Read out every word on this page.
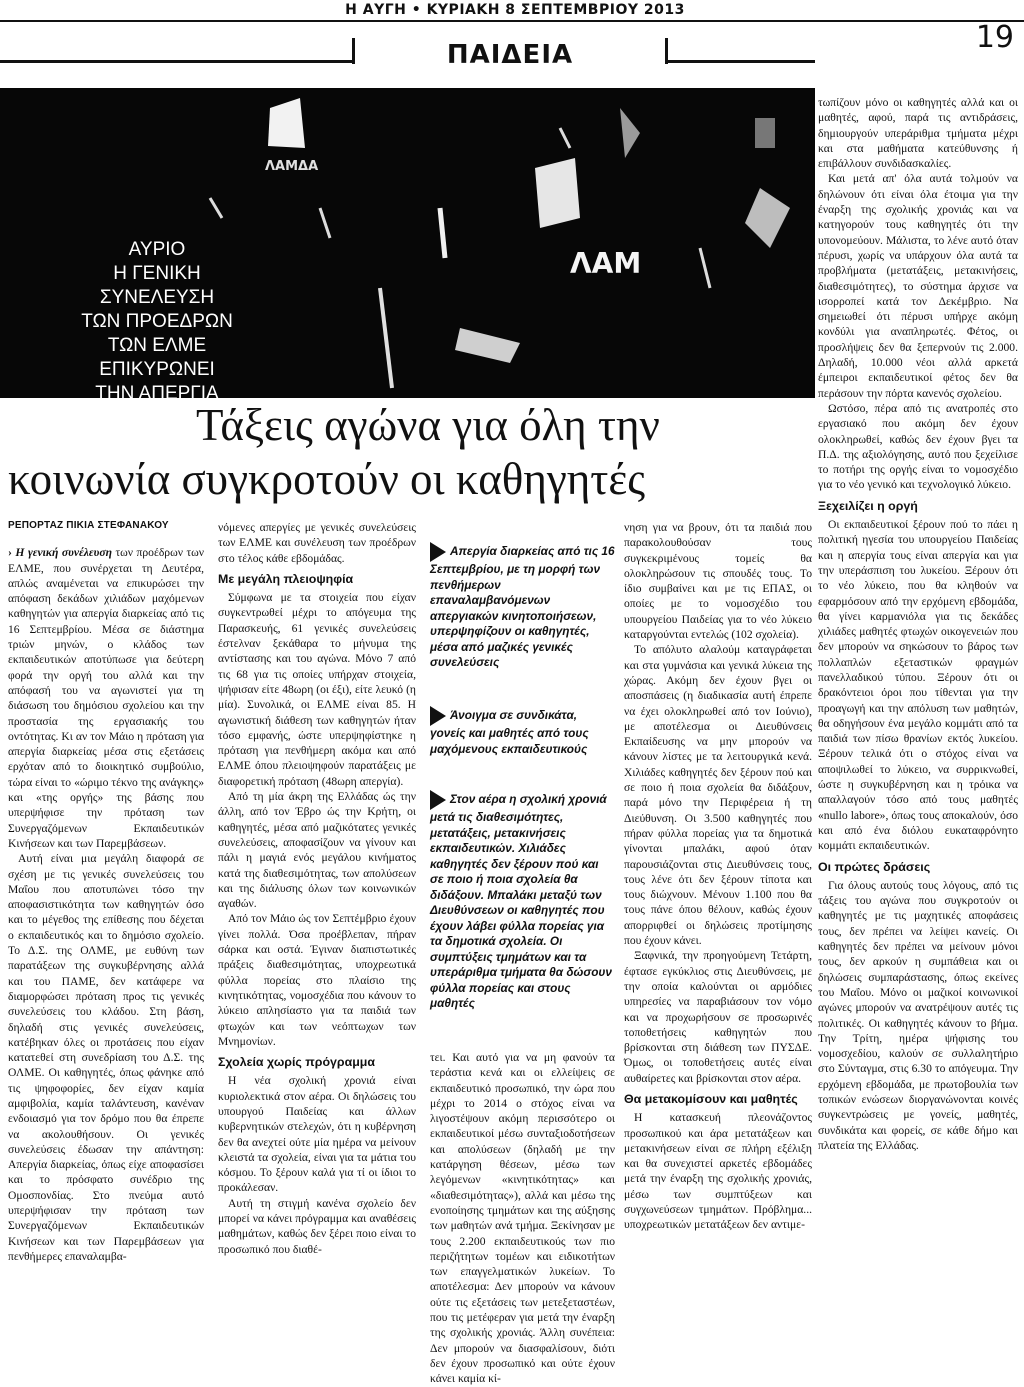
Η ΑΥΓΗ • ΚΥΡΙΑΚΗ 8 ΣΕΠΤΕΜΒΡΙΟΥ 2013
ΠΑΙΔΕΙΑ	19
ΛΑΜ
ΛΑΜΔΑ
ΑΥΡΙΟ
Η ΓΕΝΙΚΗ
ΣΥΝΕΛΕΥΣΗ
ΤΩΝ ΠΡΟΕΔΡΩΝ
ΤΩΝ ΕΛΜΕ
ΕΠΙΚΥΡΩΝΕΙ
ΤΗΝ ΑΠΕΡΓΙΑ
Τάξεις αγώνα για όλη την
κοινωνία συγκροτούν οι καθηγητές
ΡΕΠΟΡΤΑΖ ΠΙΚΙΑ ΣΤΕΦΑΝΑΚΟΥ

› Η γενική συνέλευση των προέδρων των ΕΛΜΕ, που συνέρχεται τη Δευτέρα, απλώς αναμένεται να επικυρώσει την απόφαση δεκάδων χιλιάδων μαχόμενων καθηγητών για απεργία διαρκείας από τις 16 Σεπτεμβρίου. Μέσα σε διάστημα τριών μηνών, ο κλάδος των εκπαιδευτικών αποτύπωσε για δεύτερη φορά την οργή του αλλά και την απόφασή του να αγωνιστεί για τη διάσωση του δημόσιου σχολείου και την προστασία της εργασιακής του οντότητας. Κι αν τον Μάιο η πρόταση για απεργία διαρκείας μέσα στις εξετάσεις ερχόταν από το διοικητικό συμβούλιο, τώρα είναι το «ώριμο τέκνο της ανάγκης» και «της οργής» της βάσης που υπερψήφισε την πρόταση των Συνεργαζόμενων Εκπαιδευτικών Κινήσεων και των Παρεμβάσεων.

Αυτή είναι μια μεγάλη διαφορά σε σχέση με τις γενικές συνελεύσεις του Μαΐου που αποτυπώνει τόσο την αποφασιστικότητα των καθηγητών όσο και το μέγεθος της επίθεσης που δέχεται ο εκπαιδευτικός και το δημόσιο σχολείο. Το Δ.Σ. της ΟΛΜΕ, με ευθύνη των παρατάξεων της συγκυβέρνησης αλλά και του ΠΑΜΕ, δεν κατάφερε να διαμορφώσει πρόταση προς τις γενικές συνελεύσεις του κλάδου. Στη βάση, δηλαδή στις γενικές συνελεύσεις, κατέβηκαν όλες οι προτάσεις που είχαν κατατεθεί στη συνεδρίαση του Δ.Σ. της ΟΛΜΕ. Οι καθηγητές, όπως φάνηκε από τις ψηφοφορίες, δεν είχαν καμία αμφιβολία, καμία ταλάντευση, κανέναν ενδοιασμό για τον δρόμο που θα έπρεπε να ακολουθήσουν. Οι γενικές συνελεύσεις έδωσαν την απάντηση: Απεργία διαρκείας, όπως είχε αποφασίσει και το πρόσφατο συνέδριο της Ομοσπονδίας. Στο πνεύμα αυτό υπερψήφισαν την πρόταση των Συνεργαζόμενων Εκπαιδευτικών Κινήσεων και των Παρεμβάσεων για πενθήμερες επαναλαμβα-

νόμενες απεργίες με γενικές συνελεύσεις των ΕΛΜΕ και συνέλευση των προέδρων στο τέλος κάθε εβδομάδας.

Με μεγάλη πλειοψηφία

Σύμφωνα με τα στοιχεία που είχαν συγκεντρωθεί μέχρι το απόγευμα της Παρασκευής, 61 γενικές συνελεύσεις έστελναν ξεκάθαρα το μήνυμα της αντίστασης και του αγώνα. Μόνο 7 από τις 68 για τις οποίες υπήρχαν στοιχεία, ψήφισαν είτε 48ωρη (οι έξι), είτε λευκό (η μία). Συνολικά, οι ΕΛΜΕ είναι 85. Η αγωνιστική διάθεση των καθηγητών ήταν τόσο εμφανής, ώστε υπερψηφίστηκε η πρόταση για πενθήμερη ακόμα και από ΕΛΜΕ όπου πλειοψηφούν παρατάξεις με διαφορετική πρόταση (48ωρη απεργία).

Από τη μία άκρη της Ελλάδας ώς την άλλη, από τον Έβρο ώς την Κρήτη, οι καθηγητές, μέσα από μαζικότατες γενικές συνελεύσεις, αποφασίζουν να γίνουν και πάλι η μαγιά ενός μεγάλου κινήματος κατά της διαθεσιμότητας, των απολύσεων και της διάλυσης όλων των κοινωνικών αγαθών.

Από τον Μάιο ώς τον Σεπτέμβριο έχουν γίνει πολλά. Όσα προέβλεπαν, πήραν σάρκα και οστά. Έγιναν διαπιστωτικές πράξεις διαθεσιμότητας, υποχρεωτικά φύλλα πορείας στο πλαίσιο της κινητικότητας, νομοσχέδια που κάνουν το λύκειο απλησίαστο για τα παιδιά των φτωχών και των νεόπτωχων των Μνημονίων.

Σχολεία χωρίς πρόγραμμα

Η νέα σχολική χρονιά είναι κυριολεκτικά στον αέρα. Οι δηλώσεις του υπουργού Παιδείας και άλλων κυβερνητικών στελεχών, ότι η κυβέρνηση δεν θα ανεχτεί ούτε μία ημέρα να μείνουν κλειστά τα σχολεία, είναι για τα μάτια του κόσμου. Το ξέρουν καλά για τί οι ίδιοι το προκάλεσαν.

Αυτή τη στιγμή κανένα σχολείο δεν μπορεί να κάνει πρόγραμμα και αναθέσεις μαθημάτων, καθώς δεν ξέρει ποιο είναι το προσωπικό που διαθέ-

Απεργία διαρκείας από τις 16 Σεπτεμβρίου, με τη μορφή των πενθήμερων επαναλαμβανόμενων απεργιακών κινητοποιήσεων, υπερψηφίζουν οι καθηγητές, μέσα από μαζικές γενικές συνελεύσεις
Άνοιγμα σε συνδικάτα, γονείς και μαθητές από τους μαχόμενους εκπαιδευτικούς
Στον αέρα η σχολική χρονιά μετά τις διαθεσιμότητες, μετατάξεις, μετακινήσεις εκπαιδευτικών. Χιλιάδες καθηγητές δεν ξέρουν πού και σε ποιο ή ποια σχολεία θα διδάξουν. Μπαλάκι μεταξύ των Διευθύνσεων οι καθηγητές που έχουν λάβει φύλλα πορείας για τα δημοτικά σχολεία. Οι συμπτύξεις τμημάτων και τα υπεράριθμα τμήματα θα δώσουν φύλλα πορείας και στους μαθητές

τει. Και αυτό για να μη φανούν τα τεράστια κενά και οι ελλείψεις σε εκπαιδευτικό προσωπικό, την ώρα που μέχρι το 2014 ο στόχος είναι να λιγοστέψουν ακόμη περισσότερο οι εκπαιδευτικοί μέσω συνταξιοδοτήσεων και απολύσεων (δηλαδή με την κατάργηση θέσεων, μέσω των λεγόμενων «κινητικότητας» και «διαθεσιμότητας»), αλλά και μέσω της ενοποίησης τμημάτων και της αύξησης των μαθητών ανά τμήμα. Ξεκίνησαν με τους 2.200 εκπαιδευτικούς των πιο περιζήτητων τομέων και ειδικοτήτων των επαγγελματικών λυκείων. Το αποτέλεσμα: Δεν μπορούν να κάνουν ούτε τις εξετάσεις των μετεξεταστέων, που τις μετέφεραν για μετά την έναρξη της σχολικής χρονιάς. Άλλη συνέπεια: Δεν μπορούν να διασφαλίσουν, διότι δεν έχουν προσωπικό και ούτε έχουν κάνει καμία κί-

νηση για να βρουν, ότι τα παιδιά που παρακολουθούσαν τους συγκεκριμένους τομείς θα ολοκληρώσουν τις σπουδές τους. Το ίδιο συμβαίνει και με τις ΕΠΑΣ, οι οποίες με το νομοσχέδιο του υπουργείου Παιδείας για το νέο λύκειο καταργούνται εντελώς (102 σχολεία).

Το απόλυτο αλαλούμ καταγράφεται και στα γυμνάσια και γενικά λύκεια της χώρας. Ακόμη δεν έχουν βγει οι αποσπάσεις (η διαδικασία αυτή έπρεπε να έχει ολοκληρωθεί από τον Ιούνιο), με αποτέλεσμα οι Διευθύνσεις Εκπαίδευσης να μην μπορούν να κάνουν λίστες με τα λειτουργικά κενά. Χιλιάδες καθηγητές δεν ξέρουν πού και σε ποιο ή ποια σχολεία θα διδάξουν, παρά μόνο την Περιφέρεια ή τη Διεύθυνση. Οι 3.500 καθηγητές που πήραν φύλλα πορείας για τα δημοτικά γίνονται μπαλάκι, αφού όταν παρουσιάζονται στις Διευθύνσεις τους, τους λένε ότι δεν ξέρουν τίποτα και τους διώχνουν. Μένουν 1.100 που θα τους πάνε όπου θέλουν, καθώς έχουν απορριφθεί οι δηλώσεις προτίμησης που έχουν κάνει.

Ξαφνικά, την προηγούμενη Τετάρτη, έφτασε εγκύκλιος στις Διευθύνσεις, με την οποία καλούνται οι αρμόδιες υπηρεσίες να παραβιάσουν τον νόμο και να προχωρήσουν σε προσωρινές τοποθετήσεις καθηγητών που βρίσκονται στη διάθεση των ΠΥΣΔΕ. Όμως, οι τοποθετήσεις αυτές είναι αυθαίρετες και βρίσκονται στον αέρα.

Θα μετακομίσουν και μαθητές

Η κατασκευή πλεονάζοντος προσωπικού και άρα μετατάξεων και μετακινήσεων είναι σε πλήρη εξέλιξη και θα συνεχιστεί αρκετές εβδομάδες μετά την έναρξη της σχολικής χρονιάς, μέσω των συμπτύξεων και συγχωνεύσεων τμημάτων. Πρόβλημα... υποχρεωτικών μετατάξεων δεν αντιμε-

τωπίζουν μόνο οι καθηγητές αλλά και οι μαθητές, αφού, παρά τις αντιδράσεις, δημιουργούν υπεράριθμα τμήματα μέχρι και στα μαθήματα κατεύθυνσης ή επιβάλλουν συνδιδασκαλίες.

Και μετά απ' όλα αυτά τολμούν να δηλώνουν ότι είναι όλα έτοιμα για την έναρξη της σχολικής χρονιάς και να κατηγορούν τους καθηγητές ότι την υπονομεύουν. Μάλιστα, το λένε αυτό όταν πέρυσι, χωρίς να υπάρχουν όλα αυτά τα προβλήματα (μετατάξεις, μετακινήσεις, διαθεσιμότητες), το σύστημα άρχισε να ισορροπεί κατά τον Δεκέμβριο. Να σημειωθεί ότι πέρυσι υπήρχε ακόμη κονδύλι για αναπληρωτές. Φέτος, οι προσλήψεις δεν θα ξεπερνούν τις 2.000. Δηλαδή, 10.000 νέοι αλλά αρκετά έμπειροι εκπαιδευτικοί φέτος δεν θα περάσουν την πόρτα κανενός σχολείου.

Ωστόσο, πέρα από τις ανατροπές στο εργασιακό που ακόμη δεν έχουν ολοκληρωθεί, καθώς δεν έχουν βγει τα Π.Δ. της αξιολόγησης, αυτό που ξεχείλισε το ποτήρι της οργής είναι το νομοσχέδιο για το νέο γενικό και τεχνολογικό λύκειο.

Ξεχειλίζει η οργή

Οι εκπαιδευτικοί ξέρουν πού το πάει η πολιτική ηγεσία του υπουργείου Παιδείας και η απεργία τους είναι απεργία και για την υπεράσπιση του λυκείου. Ξέρουν ότι το νέο λύκειο, που θα κληθούν να εφαρμόσουν από την ερχόμενη εβδομάδα, θα γίνει καρμανιόλα για τις δεκάδες χιλιάδες μαθητές φτωχών οικογενειών που δεν μπορούν να σηκώσουν το βάρος των πολλαπλών εξεταστικών φραγμών πανελλαδικού τύπου. Ξέρουν ότι οι δρακόντειοι όροι που τίθενται για την προαγωγή και την απόλυση των μαθητών, θα οδηγήσουν ένα μεγάλο κομμάτι από τα παιδιά των πίσω θρανίων εκτός λυκείου. Ξέρουν τελικά ότι ο στόχος είναι να αποψιλωθεί το λύκειο, να συρρικνωθεί, ώστε η συγκυβέρνηση και η τρόικα να απαλλαγούν τόσο από τους μαθητές «nullo labore», όπως τους αποκαλούν, όσο και από ένα διόλου ευκαταφρόνητο κομμάτι εκπαιδευτικών.

Οι πρώτες δράσεις

Για όλους αυτούς τους λόγους, από τις τάξεις του αγώνα που συγκροτούν οι καθηγητές με τις μαχητικές αποφάσεις τους, δεν πρέπει να λείψει κανείς. Οι καθηγητές δεν πρέπει να μείνουν μόνοι τους, δεν αρκούν η συμπάθεια και οι δηλώσεις συμπαράστασης, όπως εκείνες του Μαΐου. Μόνο οι μαζικοί κοινωνικοί αγώνες μπορούν να ανατρέψουν αυτές τις πολιτικές. Οι καθηγητές κάνουν το βήμα. Την Τρίτη, ημέρα ψήφισης του νομοσχεδίου, καλούν σε συλλαλητήριο στο Σύνταγμα, στις 6.30 το απόγευμα. Την ερχόμενη εβδομάδα, με πρωτοβουλία των τοπικών ενώσεων διοργανώνονται κοινές συγκεντρώσεις με γονείς, μαθητές, συνδικάτα και φορείς, σε κάθε δήμο και πλατεία της Ελλάδας.
